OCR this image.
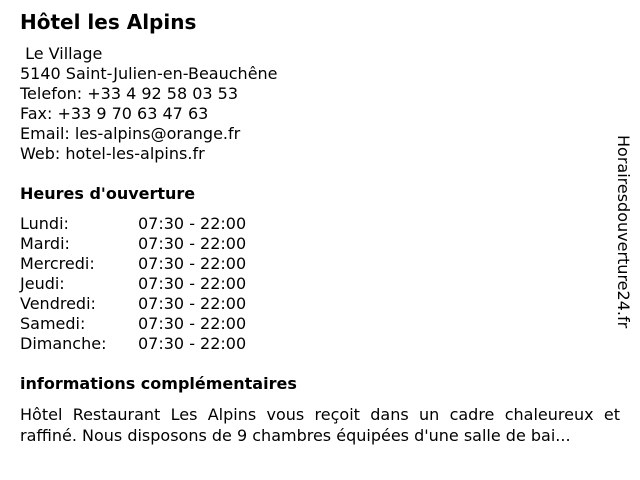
Hôtel les Alpins
Le Village
5140 Saint-Julien-en-Beauchêne
Telefon: +33 4 92 58 03 53
Fax: +33 9 70 63 47 63
Email: les-alpins@orange.fr
Web: hotel-les-alpins.fr
Heures d'ouverture
Lundi:	07:30 - 22:00
Mardi:	07:30 - 22:00
Mercredi:	07:30 - 22:00
Jeudi:	07:30 - 22:00
Vendredi:	07:30 - 22:00
Samedi:	07:30 - 22:00
Dimanche: 07:30 - 22:00
informations complémentaires
Hôtel Restaurant Les Alpins vous reçoit dans un cadre chaleureux et raffiné. Nous disposons de 9 chambres équipées d'une salle de bai...
Horairesdouverture24.fr
